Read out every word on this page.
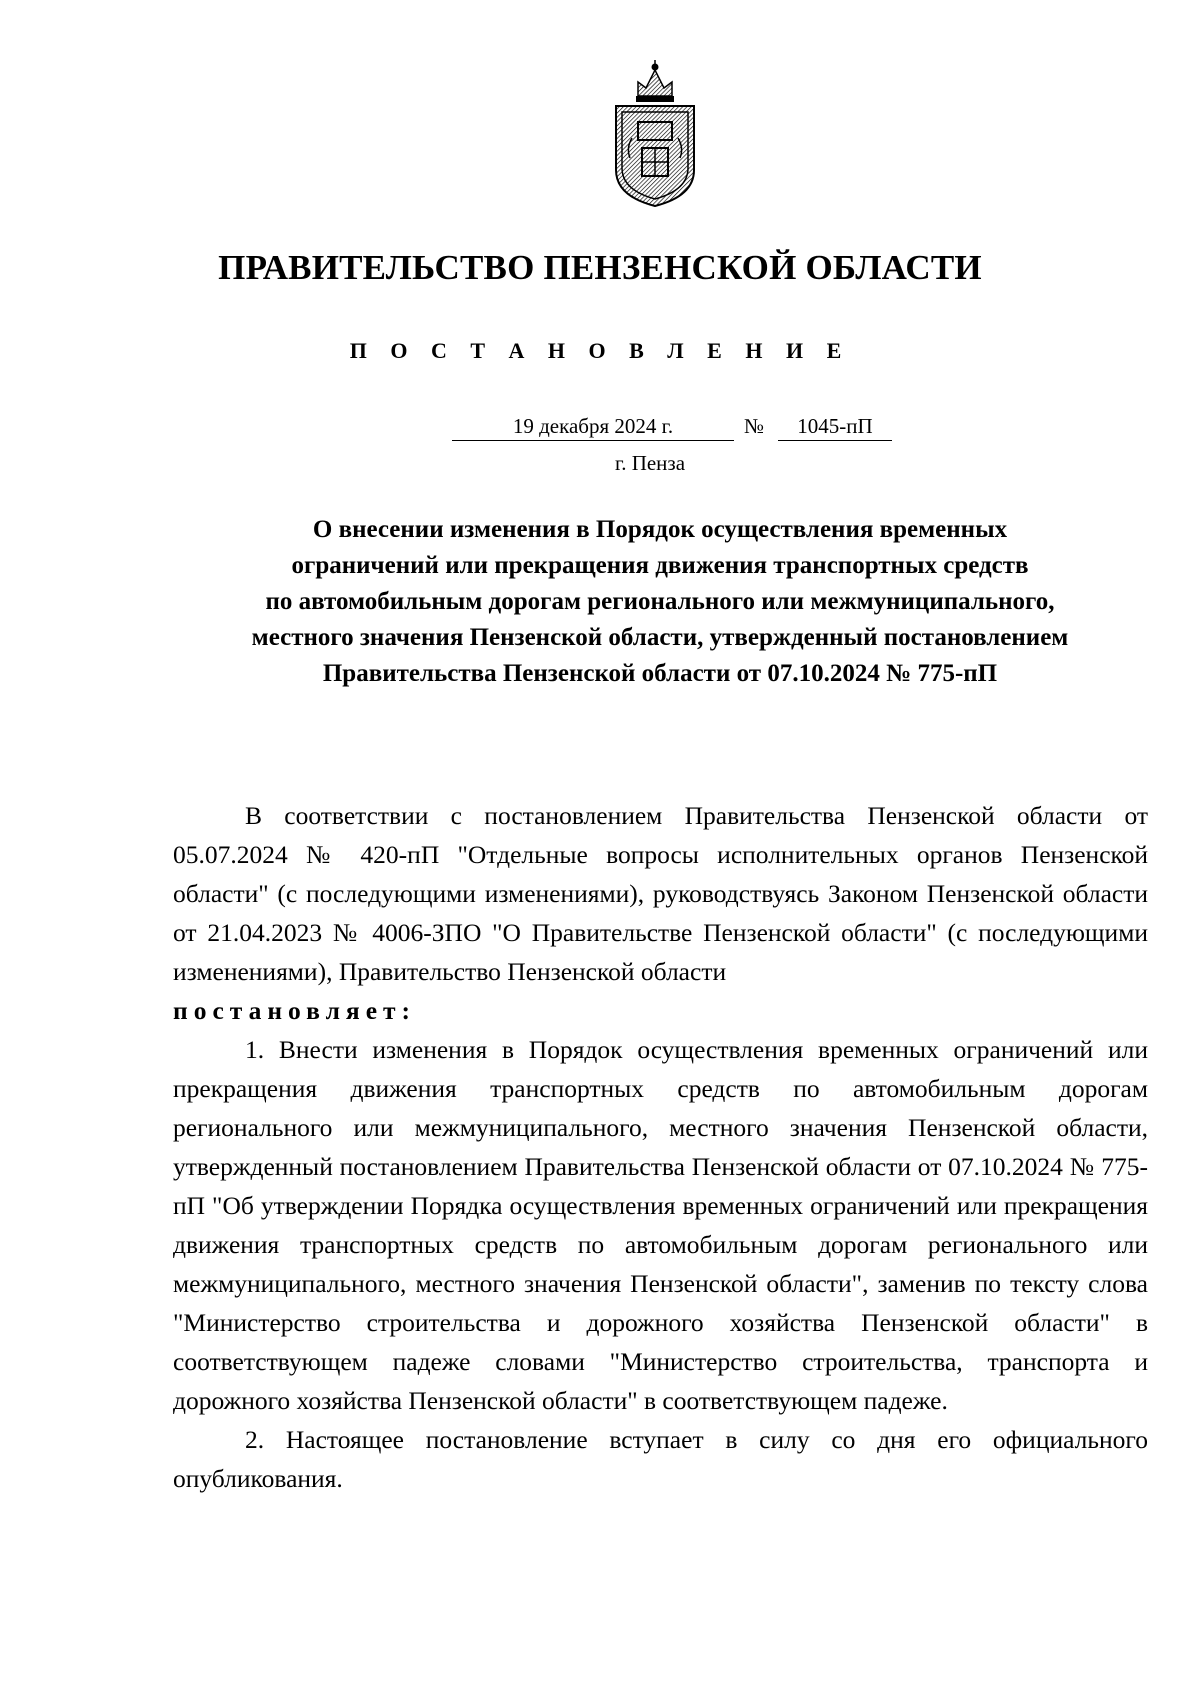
ПРАВИТЕЛЬСТВО ПЕНЗЕНСКОЙ ОБЛАСТИ
П О С Т А Н О В Л Е Н И Е
19 декабря 2024 г.	№	1045-пП
г. Пенза
О внесении изменения в Порядок осуществления временных
ограничений или прекращения движения транспортных средств
по автомобильным дорогам регионального или межмуниципального,
местного значения Пензенской области, утвержденный постановлением
Правительства Пензенской области от 07.10.2024 № 775-пП

В соответствии с постановлением Правительства Пензенской области от 05.07.2024 № 420-пП "Отдельные вопросы исполнительных органов Пензенской области" (с последующими изменениями), руководствуясь Законом Пензенской области от 21.04.2023 № 4006-ЗПО "О Правительстве Пензенской области" (с последующими изменениями), Правительство Пензенской области

постановляет:

1. Внести изменения в Порядок осуществления временных ограничений или прекращения движения транспортных средств по автомобильным дорогам регионального или межмуниципального, местного значения Пензенской области, утвержденный постановлением Правительства Пензенской области от 07.10.2024 № 775-пП "Об утверждении Порядка осуществления временных ограничений или прекращения движения транспортных средств по автомобильным дорогам регионального или межмуниципального, местного значения Пензенской области", заменив по тексту слова "Министерство строительства и дорожного хозяйства Пензенской области" в соответствующем падеже словами "Министерство строительства, транспорта и дорожного хозяйства Пензенской области" в соответствующем падеже.

2. Настоящее постановление вступает в силу со дня его официального опубликования.
